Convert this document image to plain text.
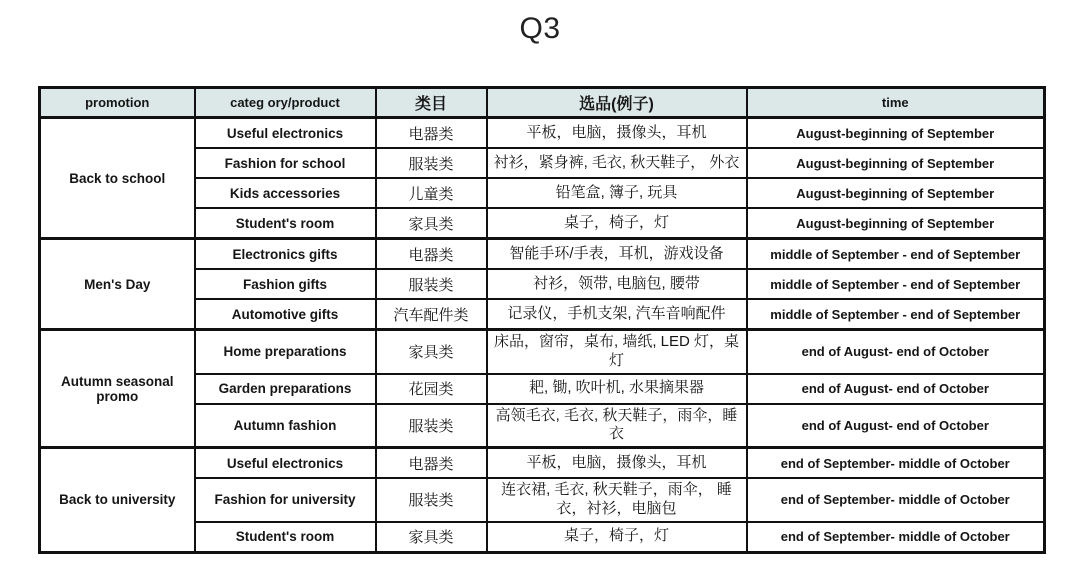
Q3
promotion	categ ory/product	类目	选品(例子)	time
Back to school	Useful electronics	电器类	平板，电脑，摄像头，耳机	August-beginning of September
	Fashion for school	服装类	衬衫，紧身裤, 毛衣, 秋天鞋子， 外衣	August-beginning of September
	Kids accessories	儿童类	铅笔盒, 簿子, 玩具	August-beginning of September
	Student's room	家具类	桌子，椅子，灯	August-beginning of September
Men's Day	Electronics gifts	电器类	智能手环/手表，耳机，游戏设备	middle of September - end of September
	Fashion gifts	服装类	衬衫，领带, 电脑包, 腰带	middle of September - end of September
	Automotive gifts	汽车配件类	记录仪，手机支架, 汽车音响配件	middle of September - end of September
Autumn seasonal promo	Home preparations	家具类	床品，窗帘，桌布, 墙纸, LED 灯，桌灯	end of August- end of October
	Garden preparations	花园类	耙, 锄, 吹叶机, 水果摘果器	end of August- end of October
	Autumn fashion	服装类	高领毛衣, 毛衣, 秋天鞋子，雨伞，睡衣	end of August- end of October
Back to university	Useful electronics	电器类	平板，电脑，摄像头，耳机	end of September- middle of October
	Fashion for university	服装类	连衣裙, 毛衣, 秋天鞋子，雨伞， 睡衣，衬衫，电脑包	end of September- middle of October
	Student's room	家具类	桌子，椅子，灯	end of September- middle of October
